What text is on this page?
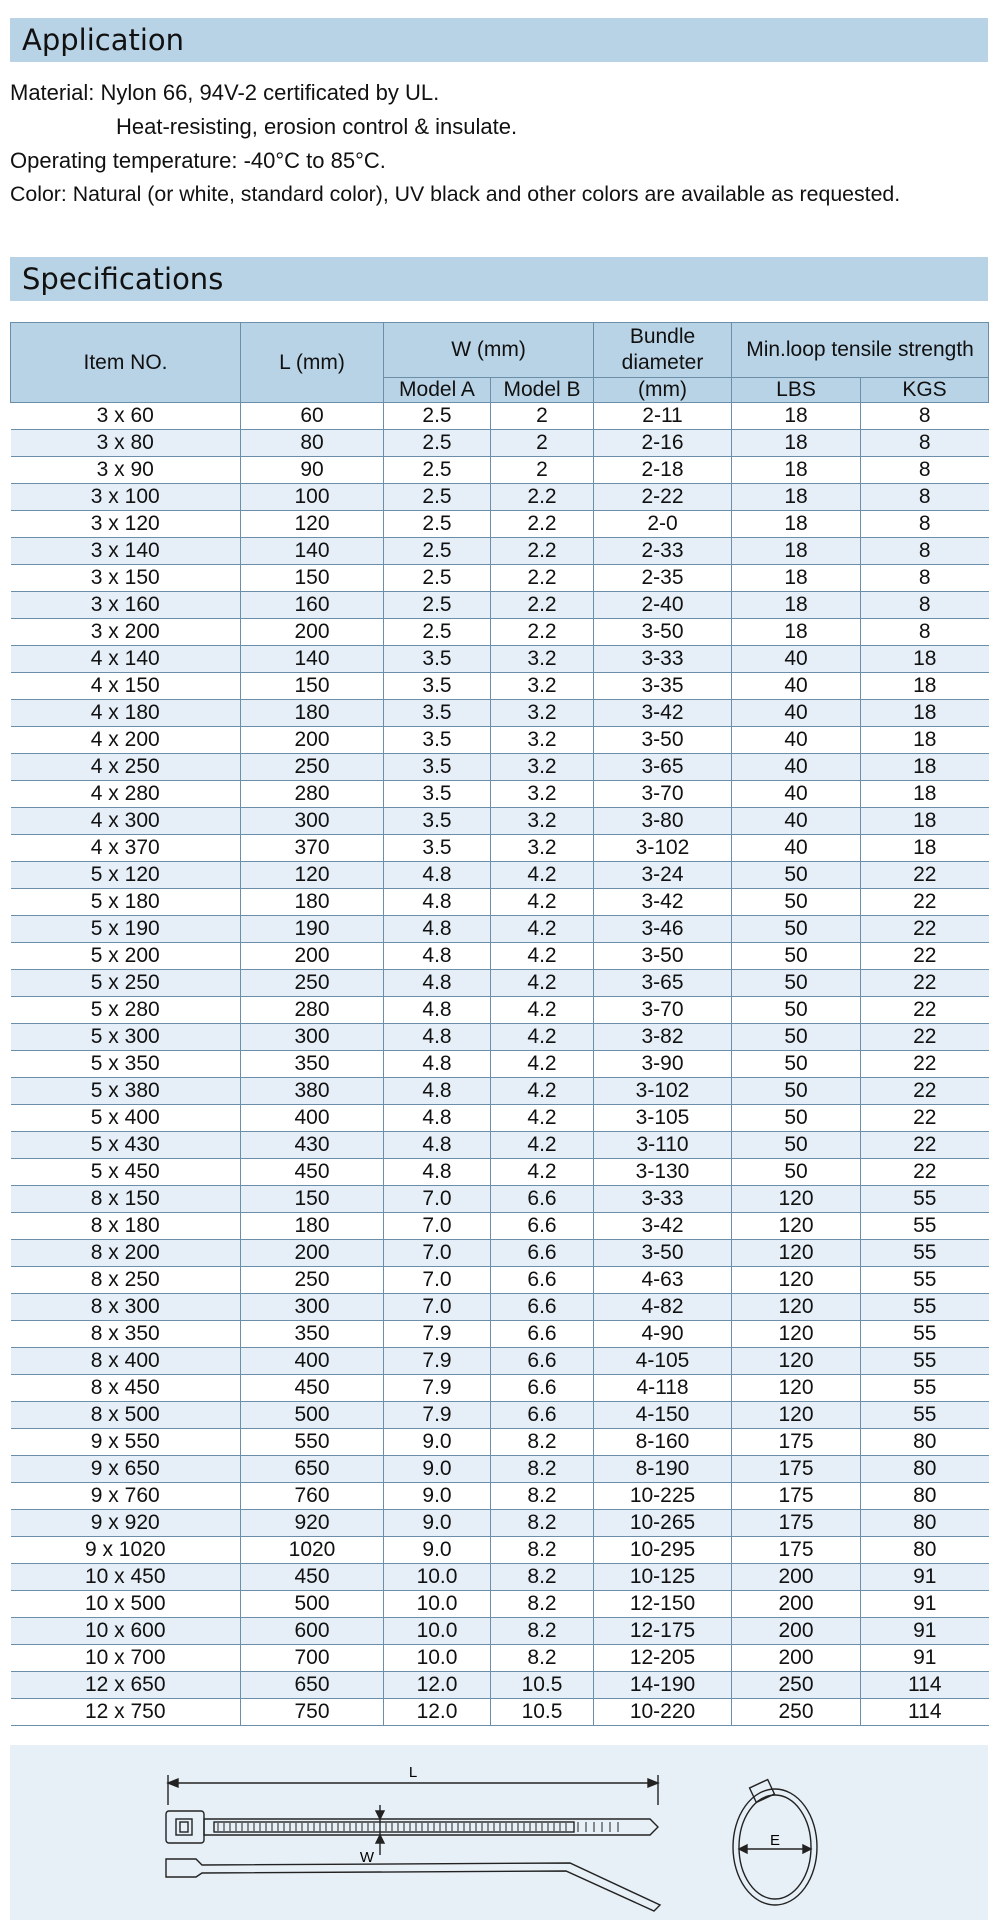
Application
Material: Nylon 66, 94V-2 certificated by UL.
Heat-resisting, erosion control & insulate.
Operating temperature: -40°C to 85°C.
Color: Natural (or white, standard color), UV black and other colors are available as requested.
Specifications
Item NO.	L (mm)	W (mm)		Bundle diameter	Min.loop tensile strength	
		Model A	Model B	(mm)	LBS	KGS
3 x 60	60	2.5	2	2-11	18	8
3 x 80	80	2.5	2	2-16	18	8
3 x 90	90	2.5	2	2-18	18	8
3 x 100	100	2.5	2.2	2-22	18	8
3 x 120	120	2.5	2.2	2-0	18	8
3 x 140	140	2.5	2.2	2-33	18	8
3 x 150	150	2.5	2.2	2-35	18	8
3 x 160	160	2.5	2.2	2-40	18	8
3 x 200	200	2.5	2.2	3-50	18	8
4 x 140	140	3.5	3.2	3-33	40	18
4 x 150	150	3.5	3.2	3-35	40	18
4 x 180	180	3.5	3.2	3-42	40	18
4 x 200	200	3.5	3.2	3-50	40	18
4 x 250	250	3.5	3.2	3-65	40	18
4 x 280	280	3.5	3.2	3-70	40	18
4 x 300	300	3.5	3.2	3-80	40	18
4 x 370	370	3.5	3.2	3-102	40	18
5 x 120	120	4.8	4.2	3-24	50	22
5 x 180	180	4.8	4.2	3-42	50	22
5 x 190	190	4.8	4.2	3-46	50	22
5 x 200	200	4.8	4.2	3-50	50	22
5 x 250	250	4.8	4.2	3-65	50	22
5 x 280	280	4.8	4.2	3-70	50	22
5 x 300	300	4.8	4.2	3-82	50	22
5 x 350	350	4.8	4.2	3-90	50	22
5 x 380	380	4.8	4.2	3-102	50	22
5 x 400	400	4.8	4.2	3-105	50	22
5 x 430	430	4.8	4.2	3-110	50	22
5 x 450	450	4.8	4.2	3-130	50	22
8 x 150	150	7.0	6.6	3-33	120	55
8 x 180	180	7.0	6.6	3-42	120	55
8 x 200	200	7.0	6.6	3-50	120	55
8 x 250	250	7.0	6.6	4-63	120	55
8 x 300	300	7.0	6.6	4-82	120	55
8 x 350	350	7.9	6.6	4-90	120	55
8 x 400	400	7.9	6.6	4-105	120	55
8 x 450	450	7.9	6.6	4-118	120	55
8 x 500	500	7.9	6.6	4-150	120	55
9 x 550	550	9.0	8.2	8-160	175	80
9 x 650	650	9.0	8.2	8-190	175	80
9 x 760	760	9.0	8.2	10-225	175	80
9 x 920	920	9.0	8.2	10-265	175	80
9 x 1020	1020	9.0	8.2	10-295	175	80
10 x 450	450	10.0	8.2	10-125	200	91
10 x 500	500	10.0	8.2	12-150	200	91
10 x 600	600	10.0	8.2	12-175	200	91
10 x 700	700	10.0	8.2	12-205	200	91
12 x 650	650	12.0	10.5	14-190	250	114
12 x 750	750	12.0	10.5	10-220	250	114
L
W
E
